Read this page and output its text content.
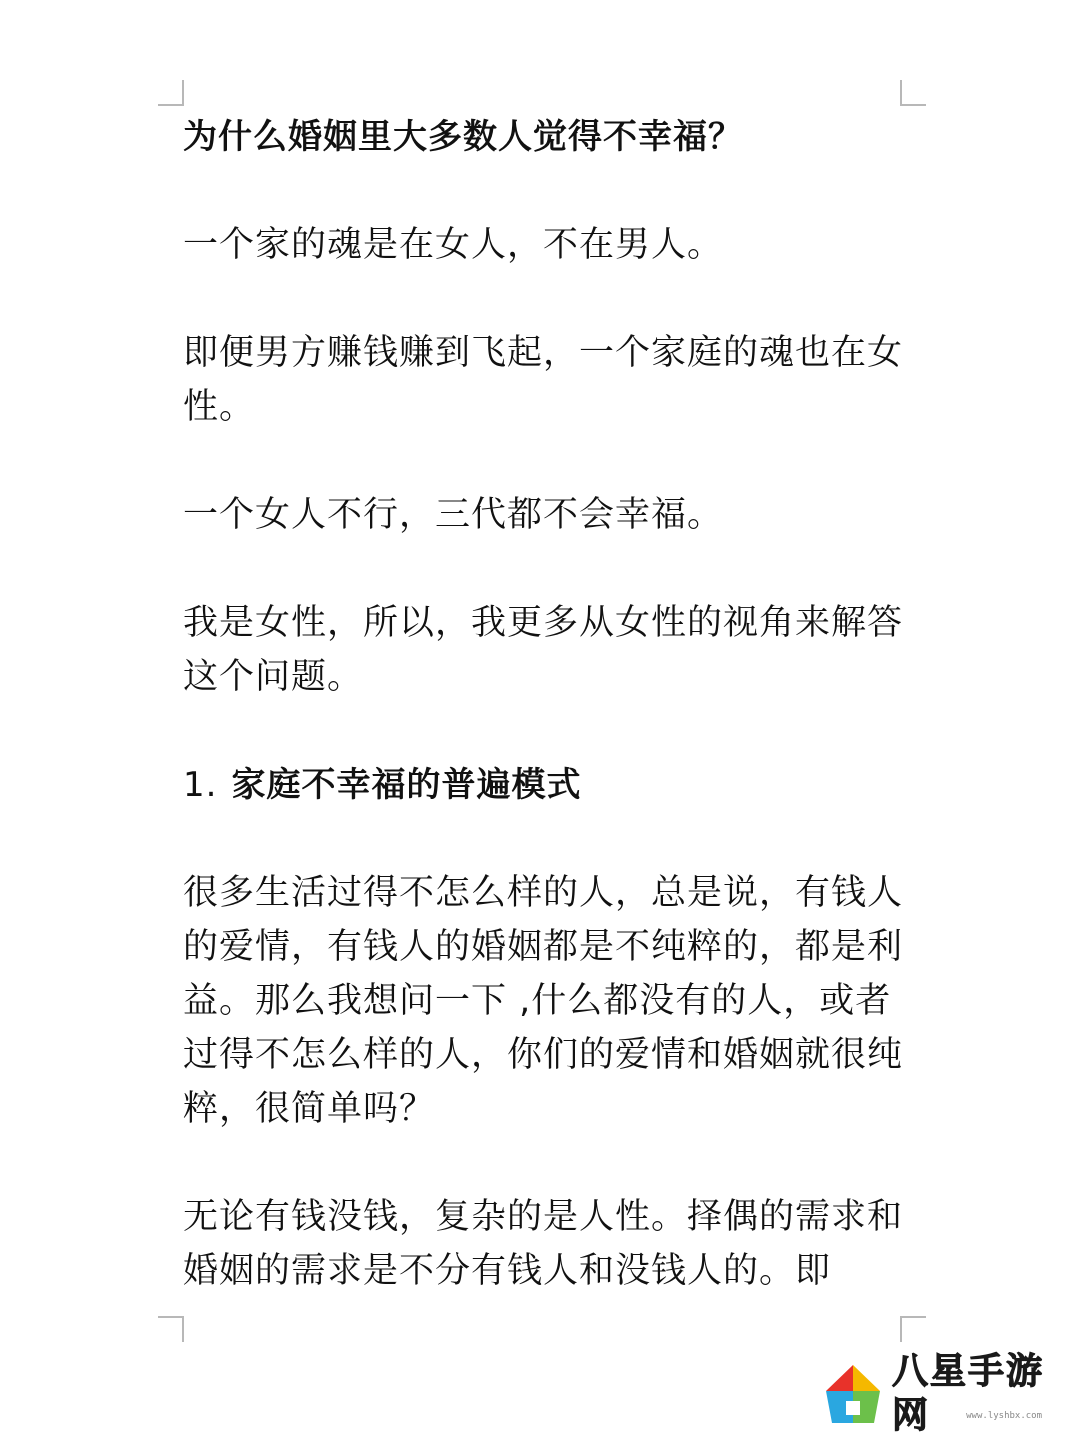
为什么婚姻里大多数人觉得不幸福？

一个家的魂是在女人，不在男人。

即便男方赚钱赚到飞起，一个家庭的魂也在女性。

一个女人不行，三代都不会幸福。

我是女性，所以，我更多从女性的视角来解答这个问题。

1. 家庭不幸福的普遍模式

很多生活过得不怎么样的人，总是说，有钱人的爱情，有钱人的婚姻都是不纯粹的，都是利益。那么我想问一下 ,什么都没有的人，或者过得不怎么样的人，你们的爱情和婚姻就很纯粹，很简单吗？

无论有钱没钱，复杂的是人性。择偶的需求和婚姻的需求是不分有钱人和没钱人的。即

八星手游网	www.lyshbx.com
